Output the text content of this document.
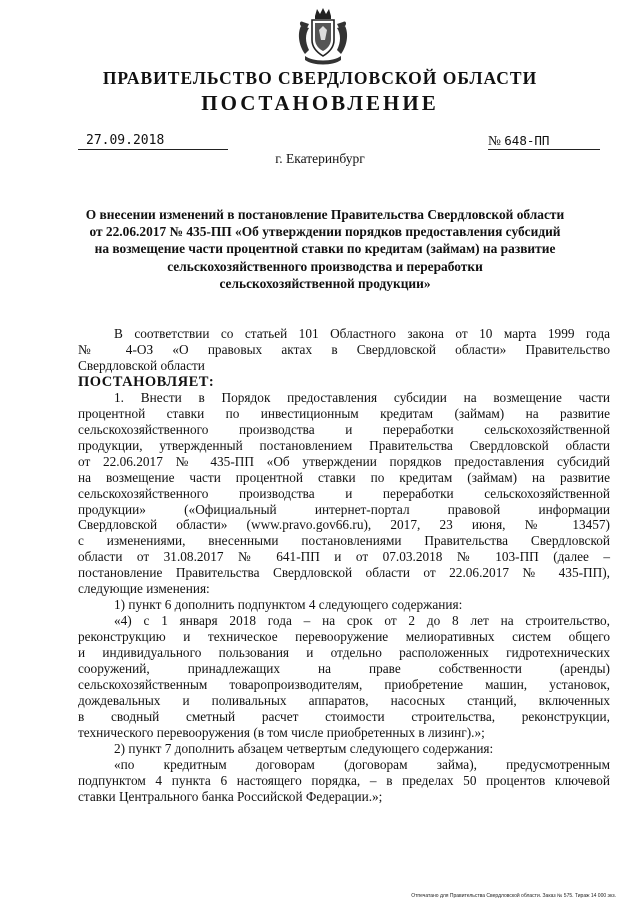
ПРАВИТЕЛЬСТВО СВЕРДЛОВСКОЙ ОБЛАСТИ
ПОСТАНОВЛЕНИЕ
27.09.2018	№ 648-ПП
г. Екатеринбург
О внесении изменений в постановление Правительства Свердловской области
от 22.06.2017 № 435-ПП «Об утверждении порядков предоставления субсидий
на возмещение части процентной ставки по кредитам (займам) на развитие
сельскохозяйственного производства и переработки
сельскохозяйственной продукции»
В соответствии со статьей 101 Областного закона от 10 марта 1999 года
№ 4-ОЗ «О правовых актах в Свердловской области» Правительство
Свердловской области
ПОСТАНОВЛЯЕТ:
1. Внести в Порядок предоставления субсидии на возмещение части
процентной ставки по инвестиционным кредитам (займам) на развитие
сельскохозяйственного производства и переработки сельскохозяйственной
продукции, утвержденный постановлением Правительства Свердловской области
от 22.06.2017 № 435-ПП «Об утверждении порядков предоставления субсидий
на возмещение части процентной ставки по кредитам (займам) на развитие
сельскохозяйственного производства и переработки сельскохозяйственной
продукции» («Официальный интернет-портал правовой информации
Свердловской области» (www.pravo.gov66.ru), 2017, 23 июня, № 13457)
с изменениями, внесенными постановлениями Правительства Свердловской
области от 31.08.2017 № 641-ПП и от 07.03.2018 № 103-ПП (далее –
постановление Правительства Свердловской области от 22.06.2017 № 435-ПП),
следующие изменения:
1) пункт 6 дополнить подпунктом 4 следующего содержания:
«4) с 1 января 2018 года – на срок от 2 до 8 лет на строительство,
реконструкцию и техническое перевооружение мелиоративных систем общего
и индивидуального пользования и отдельно расположенных гидротехнических
сооружений, принадлежащих на праве собственности (аренды)
сельскохозяйственным товаропроизводителям, приобретение машин, установок,
дождевальных и поливальных аппаратов, насосных станций, включенных
в сводный сметный расчет стоимости строительства, реконструкции,
технического перевооружения (в том числе приобретенных в лизинг).»;
2) пункт 7 дополнить абзацем четвертым следующего содержания:
«по кредитным договорам (договорам займа), предусмотренным
подпунктом 4 пункта 6 настоящего порядка, – в пределах 50 процентов ключевой
ставки Центрального банка Российской Федерации.»;
Отпечатано для Правительства Свердловской области. Заказ № 575. Тираж 14 000 экз.
